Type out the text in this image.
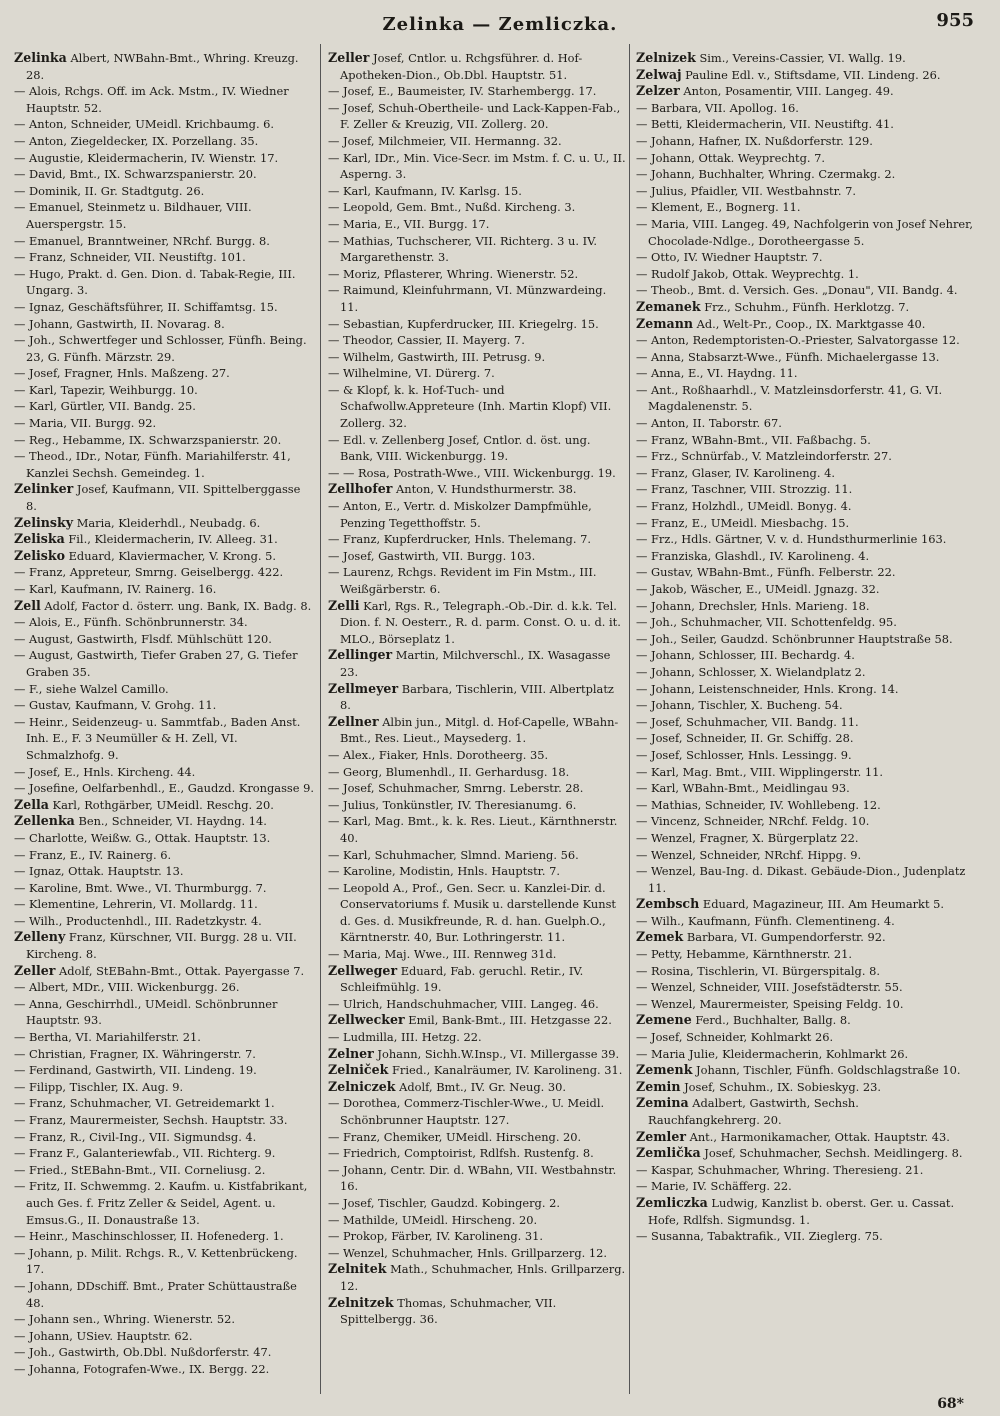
Zelinka — Zemliczka.	955

Zelinka Albert, NWBahn-Bmt., Whring. Kreuzg. 28.

— Alois, Rchgs. Off. im Ack. Mstm., IV. Wiedner Hauptstr. 52.

— Anton, Schneider, UMeidl. Krichbaumg. 6.

— Anton, Ziegeldecker, IX. Porzellang. 35.

— Augustie, Kleidermacherin, IV. Wienstr. 17.

— David, Bmt., IX. Schwarzspanierstr. 20.

— Dominik, II. Gr. Stadtgutg. 26.

— Emanuel, Steinmetz u. Bildhauer, VIII. Auerspergstr. 15.

— Emanuel, Branntweiner, NRchf. Burgg. 8.

— Franz, Schneider, VII. Neustiftg. 101.

— Hugo, Prakt. d. Gen. Dion. d. Tabak-Regie, III. Ungarg. 3.

— Ignaz, Geschäftsführer, II. Schiffamtsg. 15.

— Johann, Gastwirth, II. Novarag. 8.

— Joh., Schwertfeger und Schlosser, Fünfh. Being. 23, G. Fünfh. Märzstr. 29.

— Josef, Fragner, Hnls. Maßzeng. 27.

— Karl, Tapezir, Weihburgg. 10.

— Karl, Gürtler, VII. Bandg. 25.

— Maria, VII. Burgg. 92.

— Reg., Hebamme, IX. Schwarzspanierstr. 20.

— Theod., IDr., Notar, Fünfh. Mariahilferstr. 41, Kanzlei Sechsh. Gemeindeg. 1.

Zelinker Josef, Kaufmann, VII. Spittelberggasse 8.

Zelinsky Maria, Kleiderhdl., Neubadg. 6.

Zeliska Fil., Kleidermacherin, IV. Alleeg. 31.

Zelisko Eduard, Klaviermacher, V. Krong. 5.

— Franz, Appreteur, Smrng. Geiselbergg. 422.

— Karl, Kaufmann, IV. Rainerg. 16.

Zell Adolf, Factor d. österr. ung. Bank, IX. Badg. 8.

— Alois, E., Fünfh. Schönbrunnerstr. 34.

— August, Gastwirth, Flsdf. Mühlschütt 120.

— August, Gastwirth, Tiefer Graben 27, G. Tiefer Graben 35.

— F., siehe Walzel Camillo.

— Gustav, Kaufmann, V. Grohg. 11.

— Heinr., Seidenzeug- u. Sammtfab., Baden Anst. Inh. E., F. 3 Neumüller & H. Zell, VI. Schmalzhofg. 9.

— Josef, E., Hnls. Kircheng. 44.

— Josefine, Oelfarbenhdl., E., Gaudzd. Krongasse 9.

Zella Karl, Rothgärber, UMeidl. Reschg. 20.

Zellenka Ben., Schneider, VI. Haydng. 14.

— Charlotte, Weißw. G., Ottak. Hauptstr. 13.

— Franz, E., IV. Rainerg. 6.

— Ignaz, Ottak. Hauptstr. 13.

— Karoline, Bmt. Wwe., VI. Thurmburgg. 7.

— Klementine, Lehrerin, VI. Mollardg. 11.

— Wilh., Productenhdl., III. Radetzkystr. 4.

Zelleny Franz, Kürschner, VII. Burgg. 28 u. VII. Kircheng. 8.

Zeller Adolf, StEBahn-Bmt., Ottak. Payergasse 7.

— Albert, MDr., VIII. Wickenburgg. 26.

— Anna, Geschirrhdl., UMeidl. Schönbrunner Hauptstr. 93.

— Bertha, VI. Mariahilferstr. 21.

— Christian, Fragner, IX. Währingerstr. 7.

— Ferdinand, Gastwirth, VII. Lindeng. 19.

— Filipp, Tischler, IX. Aug. 9.

— Franz, Schuhmacher, VI. Getreidemarkt 1.

— Franz, Maurermeister, Sechsh. Hauptstr. 33.

— Franz, R., Civil-Ing., VII. Sigmundsg. 4.

— Franz F., Galanteriewfab., VII. Richterg. 9.

— Fried., StEBahn-Bmt., VII. Corneliusg. 2.

— Fritz, II. Schwemmg. 2. Kaufm. u. Kistfabrikant, auch Ges. f. Fritz Zeller & Seidel, Agent. u. Emsus.G., II. Donaustraße 13.

— Heinr., Maschinschlosser, II. Hofenederg. 1.

— Johann, p. Milit. Rchgs. R., V. Kettenbrückeng. 17.

— Johann, DDschiff. Bmt., Prater Schüttaustraße 48.

— Johann sen., Whring. Wienerstr. 52.

— Johann, USiev. Hauptstr. 62.

— Joh., Gastwirth, Ob.Dbl. Nußdorferstr. 47.

— Johanna, Fotografen-Wwe., IX. Bergg. 22.

Zeller Josef, Cntlor. u. Rchgsführer. d. Hof-Apotheken-Dion., Ob.Dbl. Hauptstr. 51.

— Josef, E., Baumeister, IV. Starhembergg. 17.

— Josef, Schuh-Obertheile- und Lack-Kappen-Fab., F. Zeller & Kreuzig, VII. Zollerg. 20.

— Josef, Milchmeier, VII. Hermanng. 32.

— Karl, IDr., Min. Vice-Secr. im Mstm. f. C. u. U., II. Asperng. 3.

— Karl, Kaufmann, IV. Karlsg. 15.

— Leopold, Gem. Bmt., Nußd. Kircheng. 3.

— Maria, E., VII. Burgg. 17.

— Mathias, Tuchscherer, VII. Richterg. 3 u. IV. Margarethenstr. 3.

— Moriz, Pflasterer, Whring. Wienerstr. 52.

— Raimund, Kleinfuhrmann, VI. Münzwardeing. 11.

— Sebastian, Kupferdrucker, III. Kriegelrg. 15.

— Theodor, Cassier, II. Mayerg. 7.

— Wilhelm, Gastwirth, III. Petrusg. 9.

— Wilhelmine, VI. Dürerg. 7.

— & Klopf, k. k. Hof-Tuch- und Schafwollw.Appreteure (Inh. Martin Klopf) VII. Zollerg. 32.

— Edl. v. Zellenberg Josef, Cntlor. d. öst. ung. Bank, VIII. Wickenburgg. 19.

— — Rosa, Postrath-Wwe., VIII. Wickenburgg. 19.

Zellhofer Anton, V. Hundsthurmerstr. 38.

— Anton, E., Vertr. d. Miskolzer Dampfmühle, Penzing Tegetthoffstr. 5.

— Franz, Kupferdrucker, Hnls. Thelemang. 7.

— Josef, Gastwirth, VII. Burgg. 103.

— Laurenz, Rchgs. Revident im Fin Mstm., III. Weißgärberstr. 6.

Zelli Karl, Rgs. R., Telegraph.-Ob.-Dir. d. k.k. Tel. Dion. f. N. Oesterr., R. d. parm. Const. O. u. d. it. MLO., Börseplatz 1.

Zellinger Martin, Milchverschl., IX. Wasagasse 23.

Zellmeyer Barbara, Tischlerin, VIII. Albertplatz 8.

Zellner Albin jun., Mitgl. d. Hof-Capelle, WBahn-Bmt., Res. Lieut., Maysederg. 1.

— Alex., Fiaker, Hnls. Dorotheerg. 35.

— Georg, Blumenhdl., II. Gerhardusg. 18.

— Josef, Schuhmacher, Smrng. Leberstr. 28.

— Julius, Tonkünstler, IV. Theresianumg. 6.

— Karl, Mag. Bmt., k. k. Res. Lieut., Kärnthnerstr. 40.

— Karl, Schuhmacher, Slmnd. Marieng. 56.

— Karoline, Modistin, Hnls. Hauptstr. 7.

— Leopold A., Prof., Gen. Secr. u. Kanzlei-Dir. d. Conservatoriums f. Musik u. darstellende Kunst d. Ges. d. Musikfreunde, R. d. han. Guelph.O., Kärntnerstr. 40, Bur. Lothringerstr. 11.

— Maria, Maj. Wwe., III. Rennweg 31d.

Zellweger Eduard, Fab. geruchl. Retir., IV. Schleifmühlg. 19.

— Ulrich, Handschuhmacher, VIII. Langeg. 46.

Zellwecker Emil, Bank-Bmt., III. Hetzgasse 22.

— Ludmilla, III. Hetzg. 22.

Zelner Johann, Sichh.W.Insp., VI. Millergasse 39.

Zelniček Fried., Kanalräumer, IV. Karolineng. 31.

Zelniczek Adolf, Bmt., IV. Gr. Neug. 30.

— Dorothea, Commerz-Tischler-Wwe., U. Meidl. Schönbrunner Hauptstr. 127.

— Franz, Chemiker, UMeidl. Hirscheng. 20.

— Friedrich, Comptoirist, Rdlfsh. Rustenfg. 8.

— Johann, Centr. Dir. d. WBahn, VII. Westbahnstr. 16.

— Josef, Tischler, Gaudzd. Kobingerg. 2.

— Mathilde, UMeidl. Hirscheng. 20.

— Prokop, Färber, IV. Karolineng. 31.

— Wenzel, Schuhmacher, Hnls. Grillparzerg. 12.

Zelnitek Math., Schuhmacher, Hnls. Grillparzerg. 12.

Zelnitzek Thomas, Schuhmacher, VII. Spittelbergg. 36.

Zelnizek Sim., Vereins-Cassier, VI. Wallg. 19.

Zelwaj Pauline Edl. v., Stiftsdame, VII. Lindeng. 26.

Zelzer Anton, Posamentir, VIII. Langeg. 49.

— Barbara, VII. Apollog. 16.

— Betti, Kleidermacherin, VII. Neustiftg. 41.

— Johann, Hafner, IX. Nußdorferstr. 129.

— Johann, Ottak. Weyprechtg. 7.

— Johann, Buchhalter, Whring. Czermakg. 2.

— Julius, Pfaidler, VII. Westbahnstr. 7.

— Klement, E., Bognerg. 11.

— Maria, VIII. Langeg. 49, Nachfolgerin von Josef Nehrer, Chocolade-Ndlge., Dorotheergasse 5.

— Otto, IV. Wiedner Hauptstr. 7.

— Rudolf Jakob, Ottak. Weyprechtg. 1.

— Theob., Bmt. d. Versich. Ges. „Donau", VII. Bandg. 4.

Zemanek Frz., Schuhm., Fünfh. Herklotzg. 7.

Zemann Ad., Welt-Pr., Coop., IX. Marktgasse 40.

— Anton, Redemptoristen-O.-Priester, Salvatorgasse 12.

— Anna, Stabsarzt-Wwe., Fünfh. Michaelergasse 13.

— Anna, E., VI. Haydng. 11.

— Ant., Roßhaarhdl., V. Matzleinsdorferstr. 41, G. VI. Magdalenenstr. 5.

— Anton, II. Taborstr. 67.

— Franz, WBahn-Bmt., VII. Faßbachg. 5.

— Frz., Schnürfab., V. Matzleindorferstr. 27.

— Franz, Glaser, IV. Karolineng. 4.

— Franz, Taschner, VIII. Strozzig. 11.

— Franz, Holzhdl., UMeidl. Bonyg. 4.

— Franz, E., UMeidl. Miesbachg. 15.

— Frz., Hdls. Gärtner, V. v. d. Hundsthurmerlinie 163.

— Franziska, Glashdl., IV. Karolineng. 4.

— Gustav, WBahn-Bmt., Fünfh. Felberstr. 22.

— Jakob, Wäscher, E., UMeidl. Jgnazg. 32.

— Johann, Drechsler, Hnls. Marieng. 18.

— Joh., Schuhmacher, VII. Schottenfeldg. 95.

— Joh., Seiler, Gaudzd. Schönbrunner Hauptstraße 58.

— Johann, Schlosser, III. Bechardg. 4.

— Johann, Schlosser, X. Wielandplatz 2.

— Johann, Leistenschneider, Hnls. Krong. 14.

— Johann, Tischler, X. Bucheng. 54.

— Josef, Schuhmacher, VII. Bandg. 11.

— Josef, Schneider, II. Gr. Schiffg. 28.

— Josef, Schlosser, Hnls. Lessingg. 9.

— Karl, Mag. Bmt., VIII. Wipplingerstr. 11.

— Karl, WBahn-Bmt., Meidlingau 93.

— Mathias, Schneider, IV. Wohllebeng. 12.

— Vincenz, Schneider, NRchf. Feldg. 10.

— Wenzel, Fragner, X. Bürgerplatz 22.

— Wenzel, Schneider, NRchf. Hippg. 9.

— Wenzel, Bau-Ing. d. Dikast. Gebäude-Dion., Judenplatz 11.

Zembsch Eduard, Magazineur, III. Am Heumarkt 5.

— Wilh., Kaufmann, Fünfh. Clementineng. 4.

Zemek Barbara, VI. Gumpendorferstr. 92.

— Petty, Hebamme, Kärnthnerstr. 21.

— Rosina, Tischlerin, VI. Bürgerspitalg. 8.

— Wenzel, Schneider, VIII. Josefstädterstr. 55.

— Wenzel, Maurermeister, Speising Feldg. 10.

Zemene Ferd., Buchhalter, Ballg. 8.

— Josef, Schneider, Kohlmarkt 26.

— Maria Julie, Kleidermacherin, Kohlmarkt 26.

Zemenk Johann, Tischler, Fünfh. Goldschlagstraße 10.

Zemin Josef, Schuhm., IX. Sobieskyg. 23.

Zemina Adalbert, Gastwirth, Sechsh. Rauchfangkehrerg. 20.

Zemler Ant., Harmonikamacher, Ottak. Hauptstr. 43.

Zemlička Josef, Schuhmacher, Sechsh. Meidlingerg. 8.

— Kaspar, Schuhmacher, Whring. Theresieng. 21.

— Marie, IV. Schäfferg. 22.

Zemliczka Ludwig, Kanzlist b. oberst. Ger. u. Cassat. Hofe, Rdlfsh. Sigmundsg. 1.

— Susanna, Tabaktrafik., VII. Zieglerg. 75.

68*
